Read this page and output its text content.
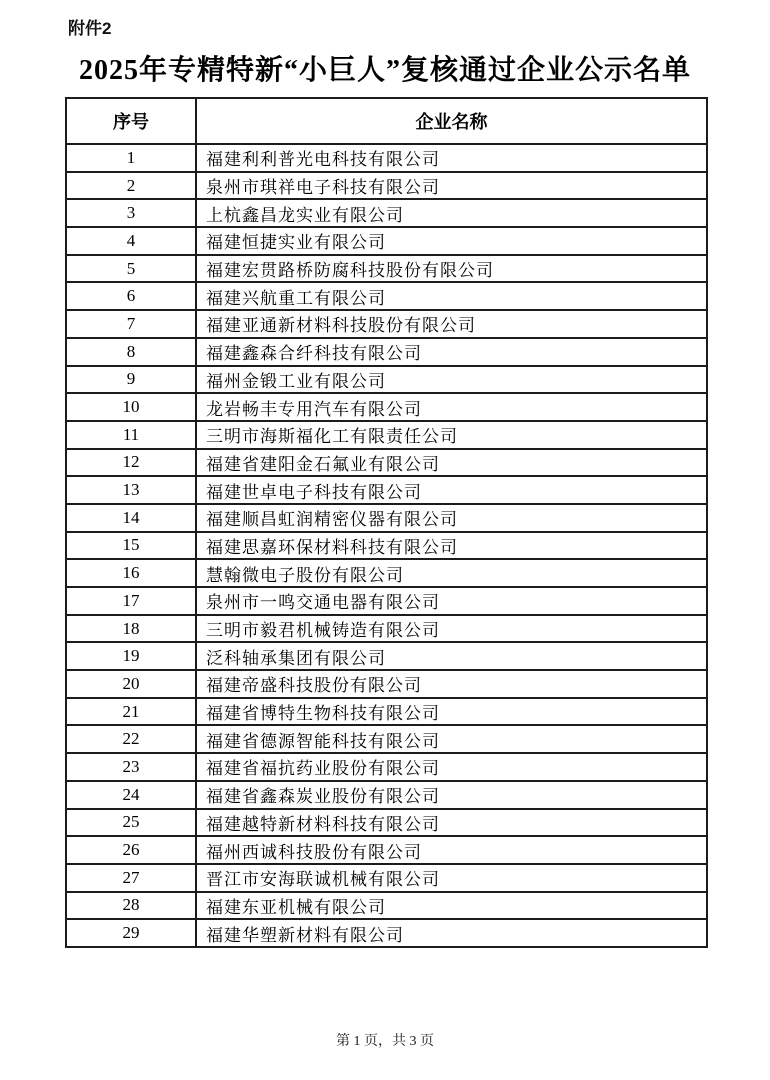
附件2
2025年专精特新“小巨人”复核通过企业公示名单
序号	企业名称
1	福建利利普光电科技有限公司
2	泉州市琪祥电子科技有限公司
3	上杭鑫昌龙实业有限公司
4	福建恒捷实业有限公司
5	福建宏贯路桥防腐科技股份有限公司
6	福建兴航重工有限公司
7	福建亚通新材料科技股份有限公司
8	福建鑫森合纤科技有限公司
9	福州金锻工业有限公司
10	龙岩畅丰专用汽车有限公司
11	三明市海斯福化工有限责任公司
12	福建省建阳金石氟业有限公司
13	福建世卓电子科技有限公司
14	福建顺昌虹润精密仪器有限公司
15	福建思嘉环保材料科技有限公司
16	慧翰微电子股份有限公司
17	泉州市一鸣交通电器有限公司
18	三明市毅君机械铸造有限公司
19	泛科轴承集团有限公司
20	福建帝盛科技股份有限公司
21	福建省博特生物科技有限公司
22	福建省德源智能科技有限公司
23	福建省福抗药业股份有限公司
24	福建省鑫森炭业股份有限公司
25	福建越特新材料科技有限公司
26	福州西诚科技股份有限公司
27	晋江市安海联诚机械有限公司
28	福建东亚机械有限公司
29	福建华塑新材料有限公司
第 1 页，共 3 页
